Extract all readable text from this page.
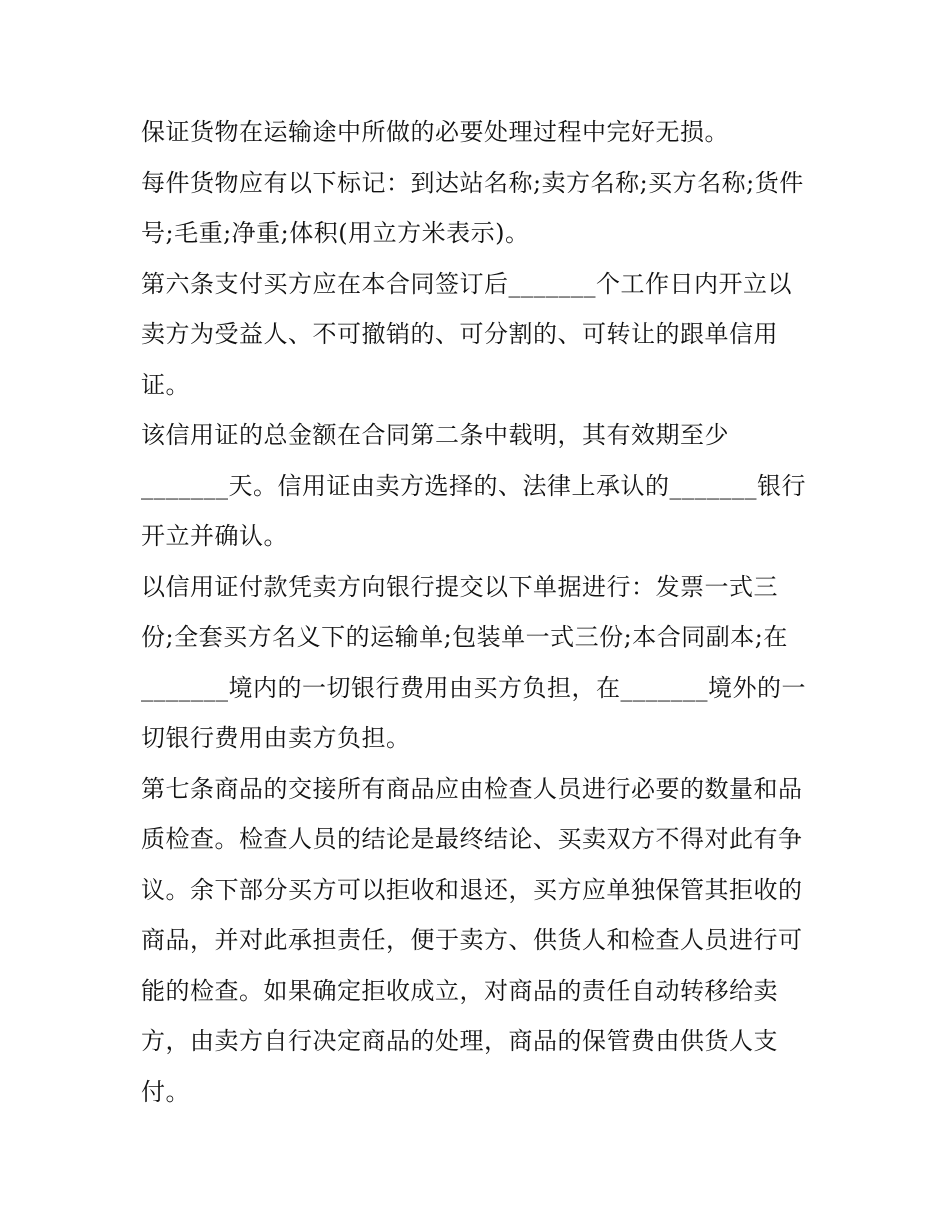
保证货物在运输途中所做的必要处理过程中完好无损。
每件货物应有以下标记：到达站名称;卖方名称;买方名称;货件
号;毛重;净重;体积(用立方米表示)。
第六条支付买方应在本合同签订后_______个工作日内开立以
卖方为受益人、不可撤销的、可分割的、可转让的跟单信用
证。
该信用证的总金额在合同第二条中载明，其有效期至少
_______天。信用证由卖方选择的、法律上承认的_______银行
开立并确认。
以信用证付款凭卖方向银行提交以下单据进行：发票一式三
份;全套买方名义下的运输单;包装单一式三份;本合同副本;在
_______境内的一切银行费用由买方负担，在_______境外的一
切银行费用由卖方负担。
第七条商品的交接所有商品应由检查人员进行必要的数量和品
质检查。检查人员的结论是最终结论、买卖双方不得对此有争
议。余下部分买方可以拒收和退还，买方应单独保管其拒收的
商品，并对此承担责任，便于卖方、供货人和检查人员进行可
能的检查。如果确定拒收成立，对商品的责任自动转移给卖
方，由卖方自行决定商品的处理，商品的保管费由供货人支
付。
